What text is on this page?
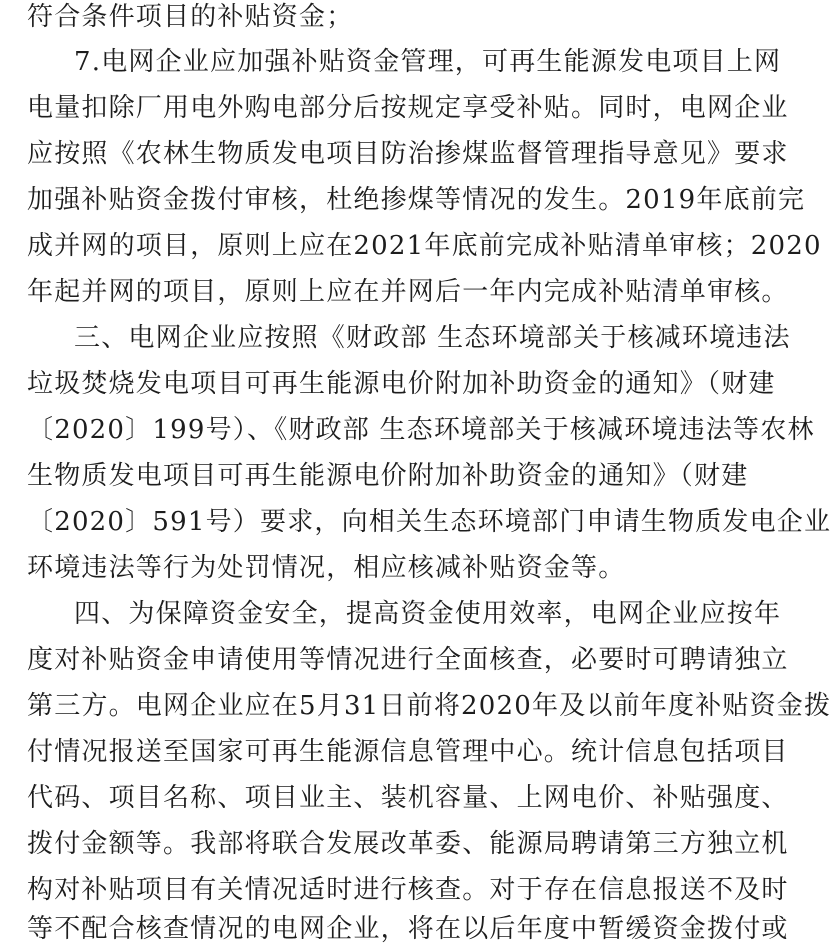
符合条件项目的补贴资金；
7.电网企业应加强补贴资金管理，可再生能源发电项目上网
电量扣除厂用电外购电部分后按规定享受补贴。同时，电网企业
应按照《农林生物质发电项目防治掺煤监督管理指导意见》要求
加强补贴资金拨付审核，杜绝掺煤等情况的发生。2019年底前完
成并网的项目，原则上应在2021年底前完成补贴清单审核；2020
年起并网的项目，原则上应在并网后一年内完成补贴清单审核。
三、电网企业应按照《财政部 生态环境部关于核减环境违法
垃圾焚烧发电项目可再生能源电价附加补助资金的通知》（财建
〔2020〕199号）、《财政部 生态环境部关于核减环境违法等农林
生物质发电项目可再生能源电价附加补助资金的通知》（财建
〔2020〕591号）要求，向相关生态环境部门申请生物质发电企业
环境违法等行为处罚情况，相应核减补贴资金等。
四、为保障资金安全，提高资金使用效率，电网企业应按年
度对补贴资金申请使用等情况进行全面核查，必要时可聘请独立
第三方。电网企业应在5月31日前将2020年及以前年度补贴资金拨
付情况报送至国家可再生能源信息管理中心。统计信息包括项目
代码、项目名称、项目业主、装机容量、上网电价、补贴强度、
拨付金额等。我部将联合发展改革委、能源局聘请第三方独立机
构对补贴项目有关情况适时进行核查。对于存在信息报送不及时
等不配合核查情况的电网企业，将在以后年度中暂缓资金拨付或
